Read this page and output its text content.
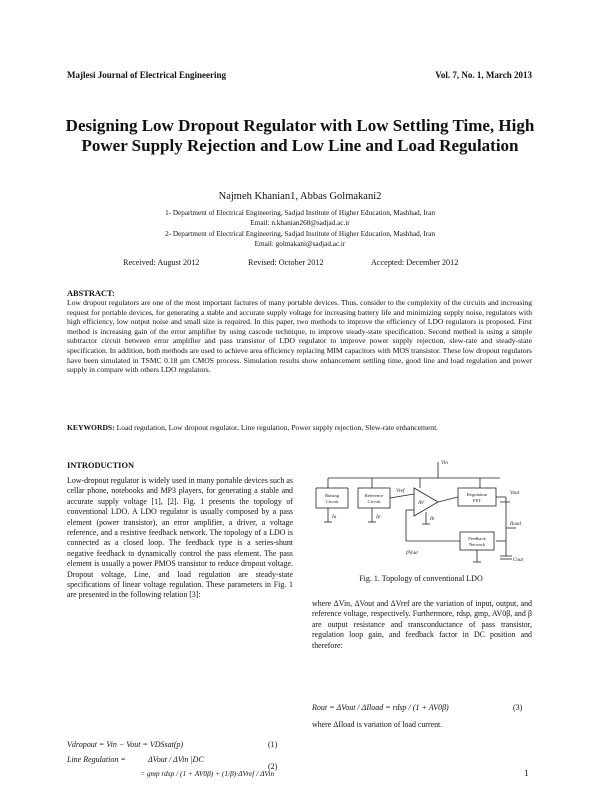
Majlesi Journal of Electrical Engineering	Vol. 7, No. 1, March 2013
Designing Low Dropout Regulator with Low Settling Time, High Power Supply Rejection and Low Line and Load Regulation
Najmeh Khanian1, Abbas Golmakani2
1- Department of Electrical Engineering, Sadjad Institute of Higher Education, Mashhad, Iran
Email: n.khanian268@sadjad.ac.ir
2- Department of Electrical Engineering, Sadjad Institute of Higher Education, Mashhad, Iran
Email: golmakani@sadjad.ac.ir
Received: August 2012	Revised: October 2012	Accepted: December 2012
ABSTRACT:
Low dropout regulators are one of the most important factures of many portable devices. Thus, consider to the complexity of the circuits and increasing request for portable devices, for generating a stable and accurate supply voltage for increasing battery life and minimizing supply noise, regulators with high efficiency, low output noise and small size is required. In this paper, two methods to improve the efficiency of LDO regulators is proposed. First method is increasing gain of the error amplifier by using cascode technique, to improve steady-state specification. Second method is using a simple subtractor circuit between error amplifier and pass transistor of LDO regulator to improve power supply rejection, slew-rate and steady-state specification. In addition, both methods are used to achieve area efficiency replacing MIM capacitors with MOS transistor. These low dropout regulators have been simulated in TSMC 0.18 μm CMOS process. Simulation results show enhancement settling time, good line and load regulation and power supply in compare with others LDO regulators.
KEYWORDS: Load regulation, Low dropout regulator, Line regulation, Power supply rejection, Slew-rate enhancement.
INTRODUCTION
Low-dropout regulator is widely used in many portable devices such as cellar phone, notebooks and MP3 players, for generating a stable and accurate supply voltage [1], [2]. Fig. 1 presents the topology of conventional LDO. A LDO regulator is usually composed by a pass element (power transistor), an error amplifier, a driver, a voltage reference, and a resistive feedback network. The topology of a LDO is connected as a closed loop. The feedback type is a series-shunt negative feedback to dynamically control the pass element. The pass element is usually a power PMOS transistor to reduce dropout voltage. Dropout voltage, Line, and load regulation are steady-state specifications of linear voltage regulation. These parameters in Fig. 1 are presented in the following relation [3]:
Vdropout = Vin − Vout = VDSsat(p)	(1)
Line Regulation =	ΔVout / ΔVin |DC
= gmp rdsp / (1 + AV0β) + (1/β)·ΔVref / ΔVin
(2)
Biasing
Circuit
Reference
Circuit
Regulation
FET
Feedback
Network
Vin
Vref
AV
Vout
Iload
Cout
Ia	Ip	Ib
βVout
Fig. 1. Topology of conventional LDO
where ΔVin, ΔVout and ΔVref are the variation of input, output, and reference voltage, respectively. Furthermore, rdsp, gmp, AV0β, and β are output resistance and transconductance of pass transistor, regulation loop gain, and feedback factor in DC position and therefore:
Rout = ΔVout / ΔIload = rdsp / (1 + AV0β)	(3)
where ΔIload is variation of load current.
1
